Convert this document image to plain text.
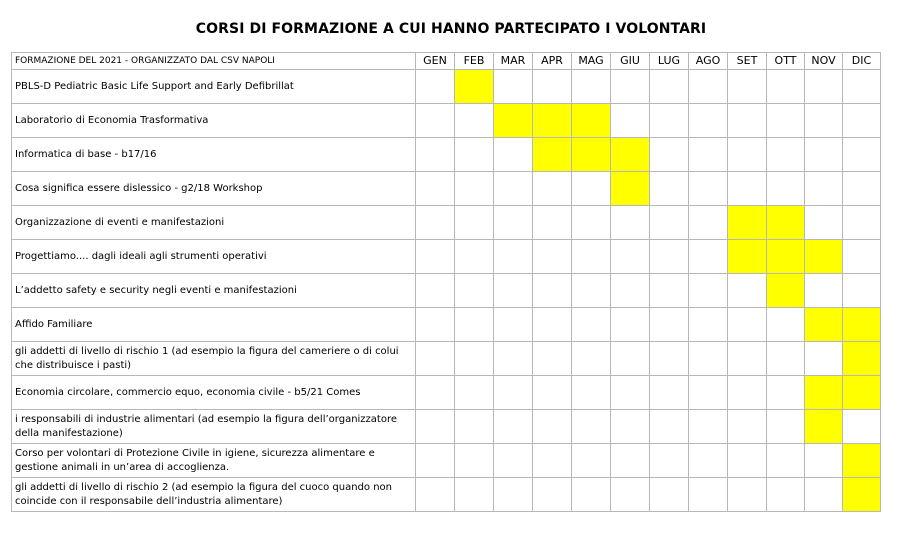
CORSI DI FORMAZIONE A CUI HANNO PARTECIPATO I VOLONTARI
FORMAZIONE DEL 2021 - ORGANIZZATO DAL CSV NAPOLI	GEN	FEB	MAR	APR	MAG	GIU	LUG	AGO	SET	OTT	NOV	DIC
PBLS-D Pediatric Basic Life Support and Early Defibrillat												
Laboratorio di Economia Trasformativa												
Informatica di base - b17/16												
Cosa significa essere dislessico - g2/18 Workshop												
Organizzazione di eventi e manifestazioni												
Progettiamo.... dagli ideali agli strumenti operativi												
L’addetto safety e security negli eventi e manifestazioni												
Affido Familiare												
gli addetti di livello di rischio 1 (ad esempio la figura del cameriere o di colui che distribuisce i pasti)												
Economia circolare, commercio equo, economia civile - b5/21 Comes												
i responsabili di industrie alimentari (ad esempio la figura dell’organizzatore della manifestazione)												
Corso per volontari di Protezione Civile in igiene, sicurezza alimentare e gestione animali in un’area di accoglienza.												
gli addetti di livello di rischio 2 (ad esempio la figura del cuoco quando non coincide con il responsabile dell’industria alimentare)												
